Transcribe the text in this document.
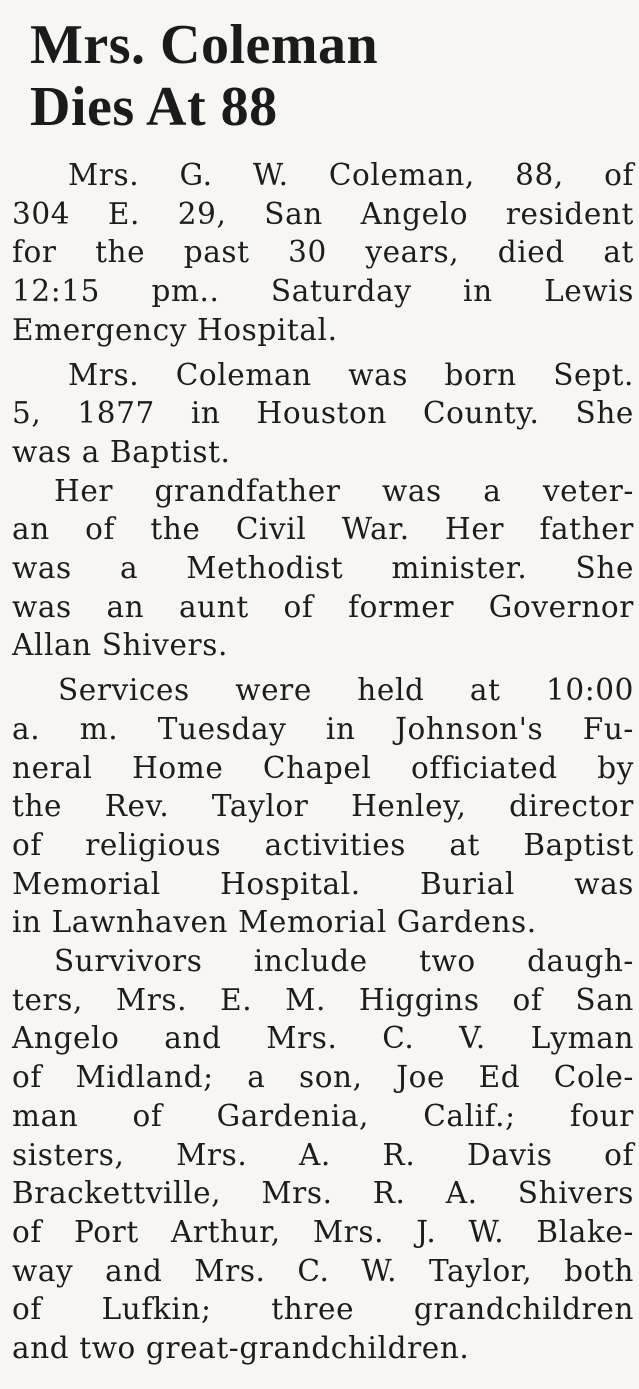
Mrs. Coleman
Dies At 88

Mrs. G. W. Coleman, 88, of
304 E. 29, San Angelo resident
for the past 30 years, died at
12:15 pm.. Saturday in Lewis
Emergency Hospital.

Mrs. Coleman was born Sept.
5, 1877 in Houston County. She
was a Baptist.

Her grandfather was a veter-
an of the Civil War. Her father
was a Methodist minister. She
was an aunt of former Governor
Allan Shivers.

Services were held at 10:00
a. m. Tuesday in Johnson's Fu-
neral Home Chapel officiated by
the Rev. Taylor Henley, director
of religious activities at Baptist
Memorial Hospital. Burial was
in Lawnhaven Memorial Gardens.

Survivors include two daugh-
ters, Mrs. E. M. Higgins of San
Angelo and Mrs. C. V. Lyman
of Midland; a son, Joe Ed Cole-
man of Gardenia, Calif.; four
sisters, Mrs. A. R. Davis of
Brackettville, Mrs. R. A. Shivers
of Port Arthur, Mrs. J. W. Blake-
way and Mrs. C. W. Taylor, both
of Lufkin; three grandchildren
and two great-grandchildren.
